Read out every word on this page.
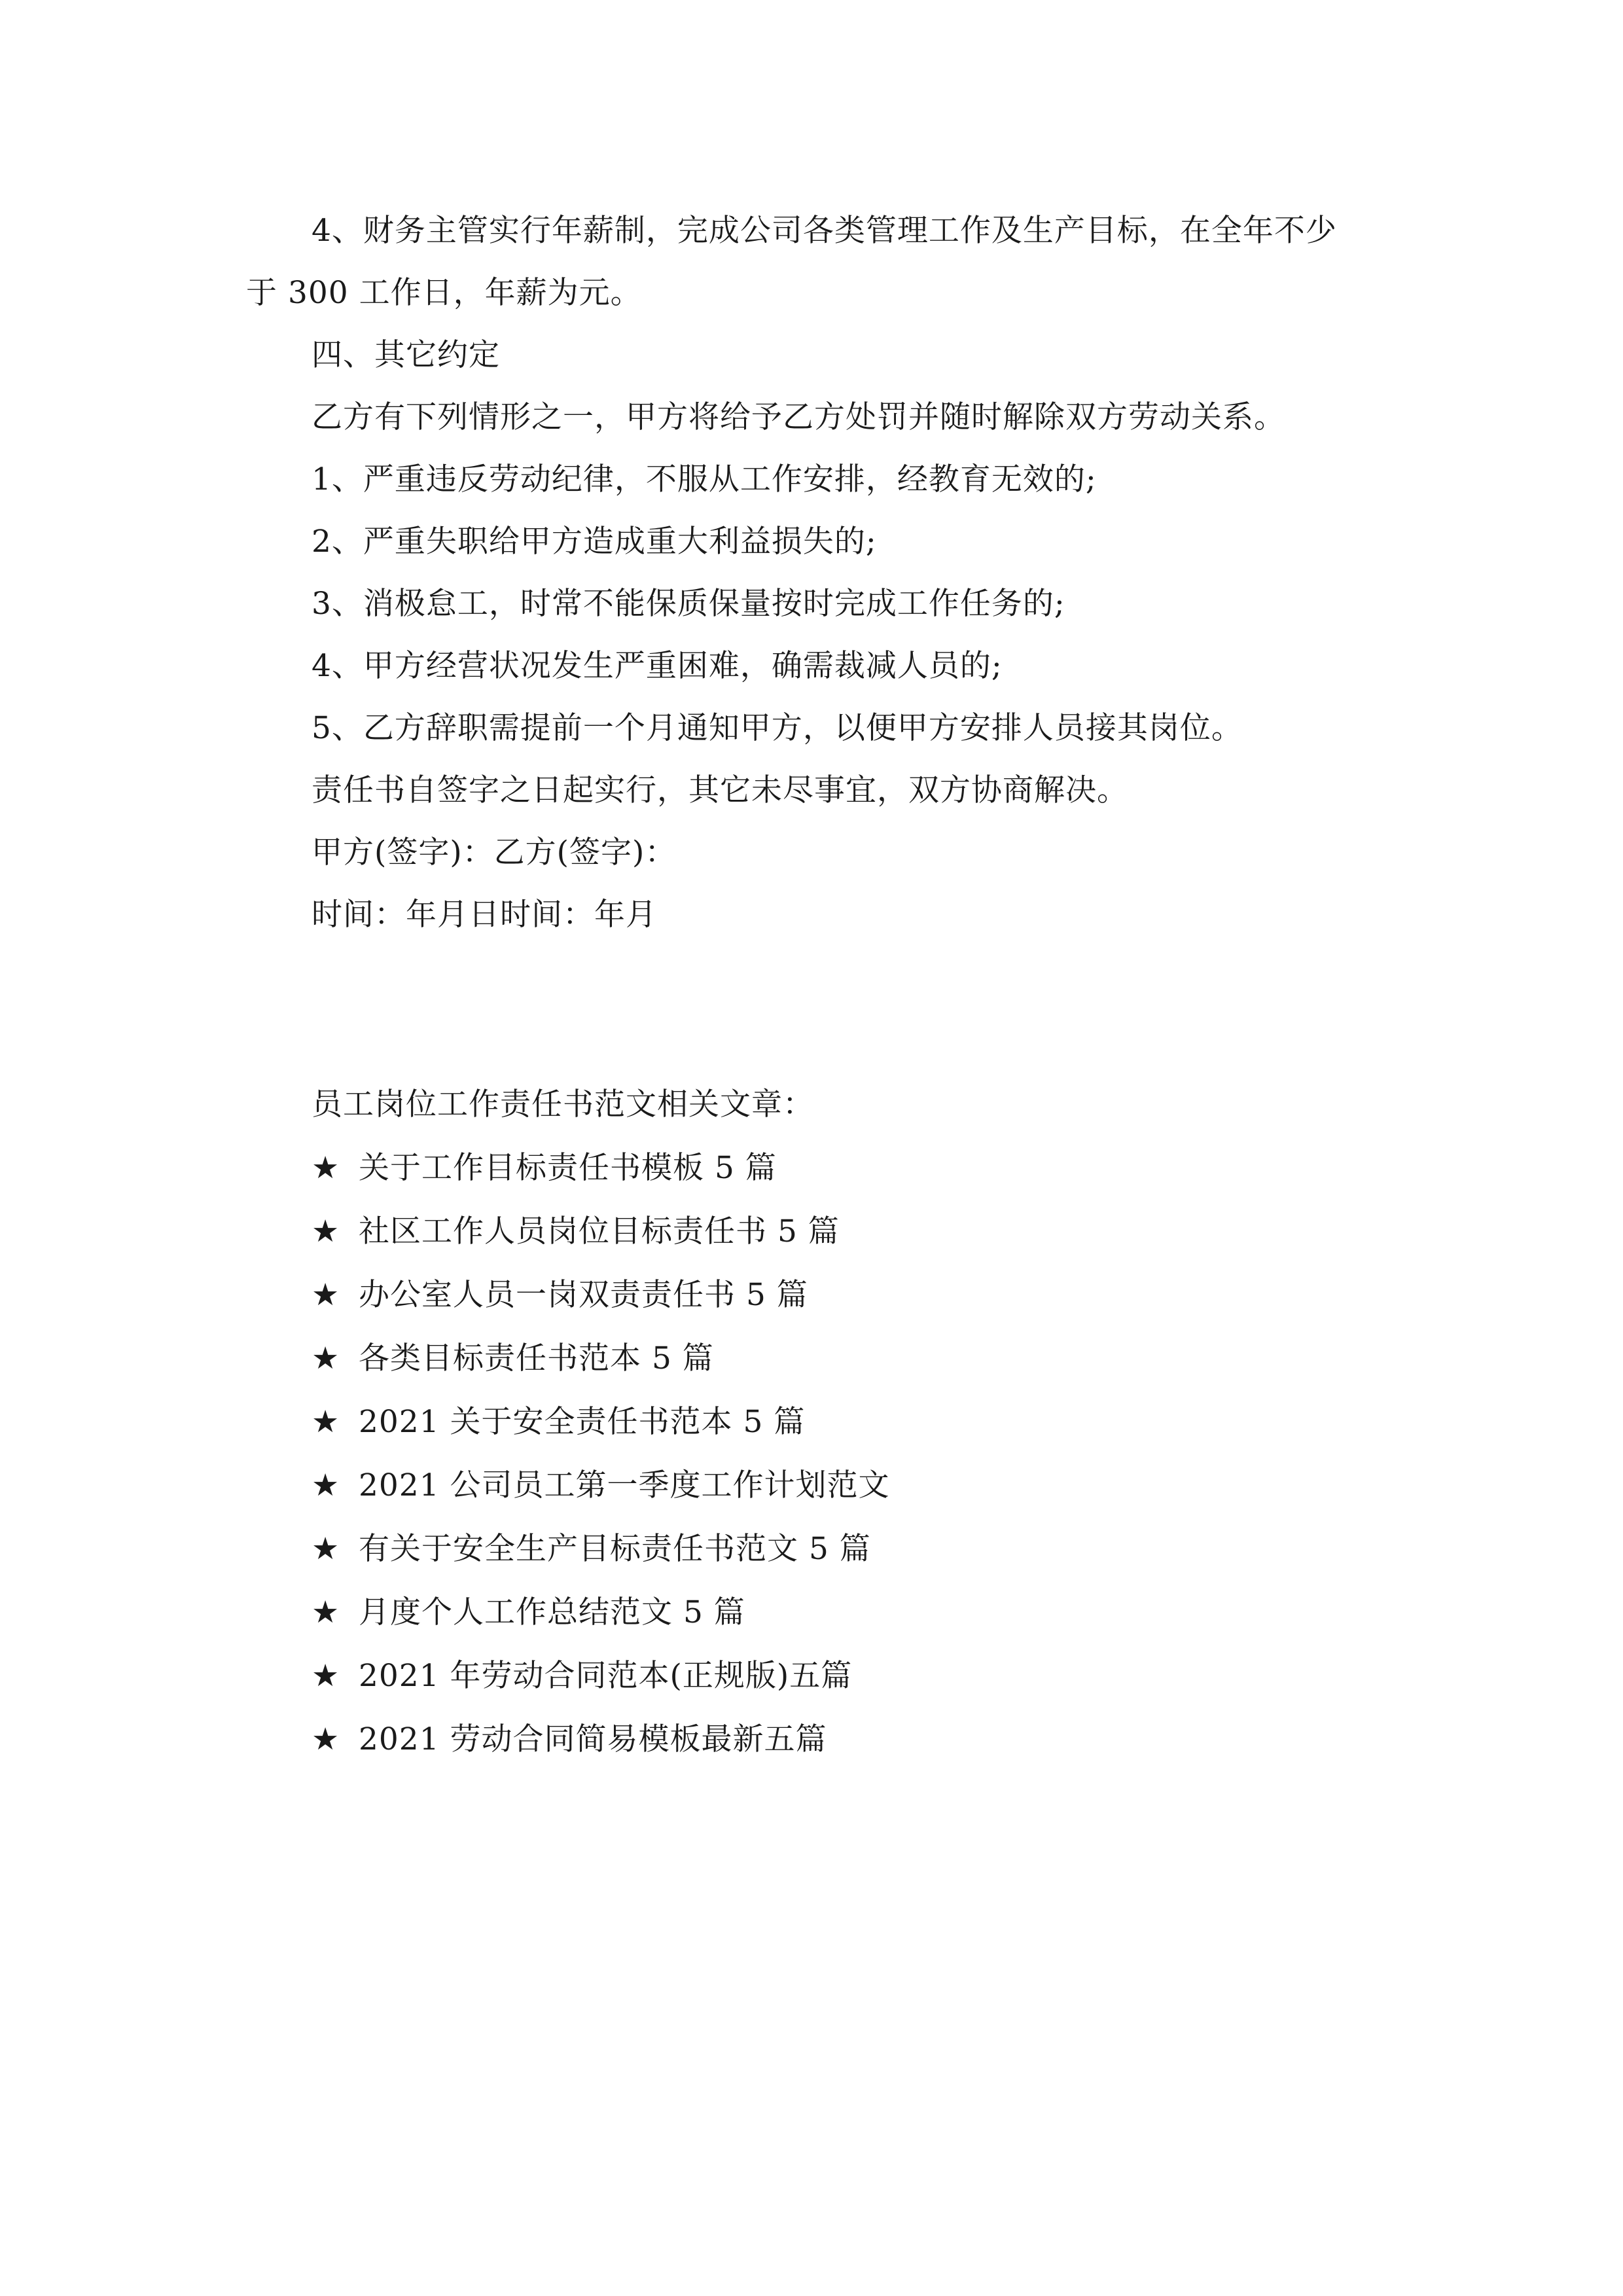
4、财务主管实行年薪制，完成公司各类管理工作及生产目标，在全年不少
于 300 工作日，年薪为元。
四、其它约定
乙方有下列情形之一，甲方将给予乙方处罚并随时解除双方劳动关系。
1、严重违反劳动纪律，不服从工作安排，经教育无效的;
2、严重失职给甲方造成重大利益损失的;
3、消极怠工，时常不能保质保量按时完成工作任务的;
4、甲方经营状况发生严重困难，确需裁减人员的;
5、乙方辞职需提前一个月通知甲方，以便甲方安排人员接其岗位。
责任书自签字之日起实行，其它未尽事宜，双方协商解决。
甲方(签字)：乙方(签字)：
时间：年月日时间：年月
员工岗位工作责任书范文相关文章：
★ 关于工作目标责任书模板 5 篇
★ 社区工作人员岗位目标责任书 5 篇
★ 办公室人员一岗双责责任书 5 篇
★ 各类目标责任书范本 5 篇
★ 2021 关于安全责任书范本 5 篇
★ 2021 公司员工第一季度工作计划范文
★ 有关于安全生产目标责任书范文 5 篇
★ 月度个人工作总结范文 5 篇
★ 2021 年劳动合同范本(正规版)五篇
★ 2021 劳动合同简易模板最新五篇
